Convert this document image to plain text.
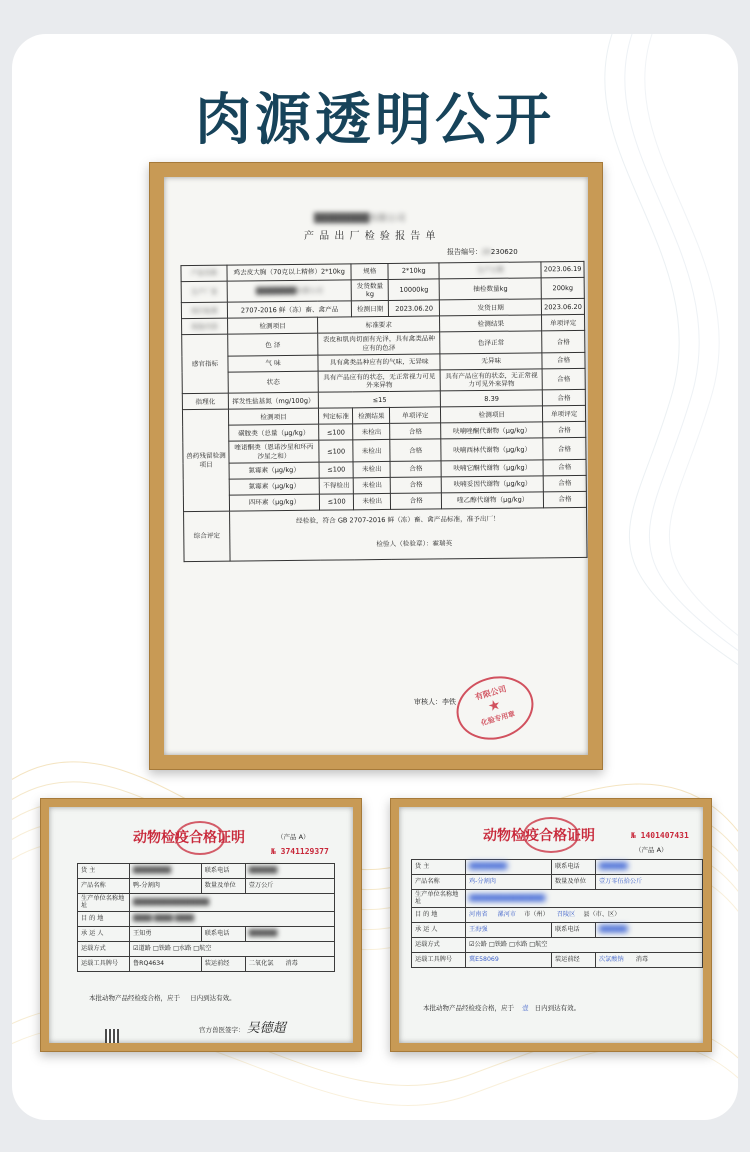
肉源透明公开
████████有限公司
产 品 出 厂 检 验 报 告 单
报告编号：20230620
产品名称	鸡去皮大胸（70克以上精修）2*10kg		规格	2*10kg	生产日期	2023.06.19
生产厂家	████████有限公司		发货数量kg	10000kg	抽检数量kg	200kg
执行标准	2707-2016 鲜（冻）畜、禽产品		检测日期	2023.06.20	发货日期	2023.06.20
检验内容	检测项目	标准要求			检测结果	单项评定
感官指标	色 泽	表皮和肌肉切面有光泽，具有禽类品种应有的色泽			色泽正常	合格
	气 味	具有禽类品种应有的气味，无异味			无异味	合格
	状态	具有产品应有的状态，无正常视力可见外来异物			具有产品应有的状态，无正常视力可见外来异物	合格
指理化	挥发性盐基氮（mg/100g）	≤15			8.39	合格
兽药残留检测项目	检测项目	判定标准	检测结果	单项评定	检测项目	单项评定
	磺胺类（总量（μg/kg）	≤100	未检出	合格	呋喃唑酮代谢物（μg/kg）	合格
	喹诺酮类（恩诺沙星和环丙沙星之和）	≤100	未检出	合格	呋喃西林代谢物（μg/kg）	合格
	氯霉素（μg/kg）	≤100	未检出	合格	呋喃它酮代谢物（μg/kg）	合格
	氯霉素（μg/kg）	不得检出	未检出	合格	呋喃妥因代谢物（μg/kg）	合格
	四环素（μg/kg）	≤100	未检出	合格	喹乙醇代谢物（μg/kg）	合格
综合评定	经检验，符合 GB 2707-2016 鲜（冻）畜、禽产品标准，准予出厂！
检验人（检验章）：霍瑞英					
审核人：李铁
有限公司
★
化验专用章
动物检疫合格证明	（产品 A）
№ 3741129377
货 主	████████	联系电话	██████
产品名称	鸭-分割肉	数量及单位	壹万公斤
生产单位名称地址	████████████████		
目 的 地	████ ████ ████		
承 运 人	王知勇	联系电话	██████
运载方式	☑道路 □铁路 □水路 □航空		
运载工具牌号	鲁RQ4634	装运前经	二氧化氯 消毒
本批动物产品经检疫合格，应于 日内到达有效。
官方兽医签字： 吴德超
动物检疫合格证明
（产品 A）
№ 1401407431
货 主	████████	联系电话	██████
产品名称	鸡-分割肉	数量及单位	壹万零伍拾公斤
生产单位名称地址	████████████████		
目 的 地	河南省 漯河市 市（州） 召陵区 县（市、区）		
承 运 人	王海强	联系电话	██████
运载方式	☑公路 □铁路 □水路 □航空		
运载工具牌号	冀E58069	装运前经	次氯酸钠 消毒
本批动物产品经检疫合格，应于 壹 日内到达有效。
